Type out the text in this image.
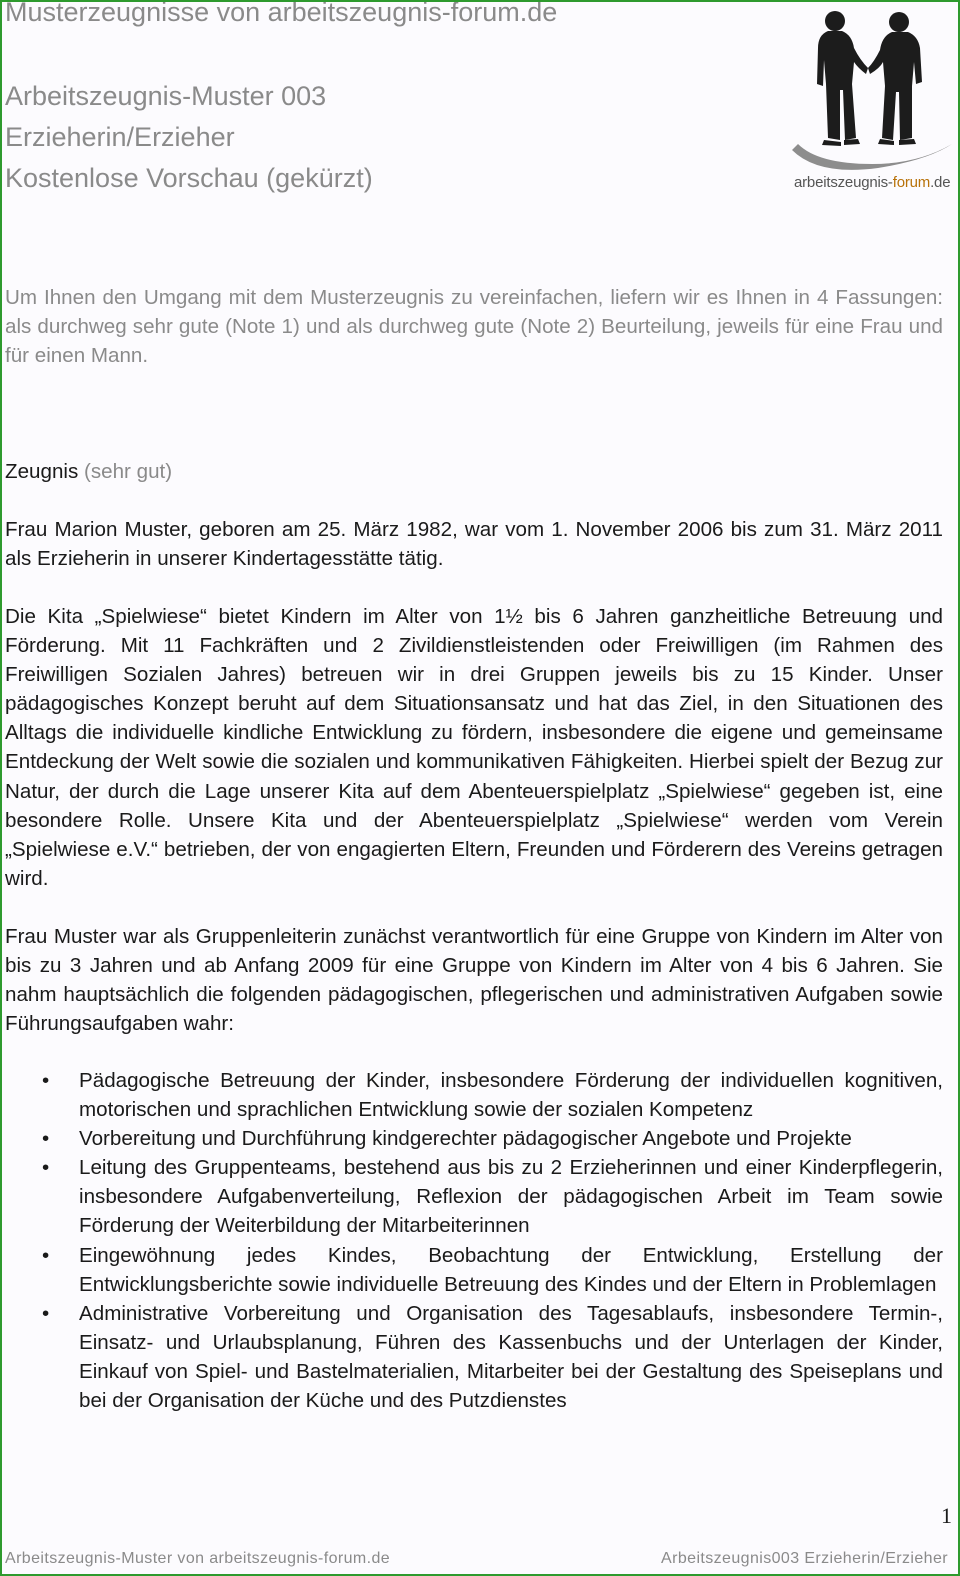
Musterzeugnisse von arbeitszeugnis-forum.de
Arbeitszeugnis-Muster 003
Erzieherin/Erzieher
Kostenlose Vorschau (gekürzt)	arbeitszeugnis-forum.de

Um Ihnen den Umgang mit dem Musterzeugnis zu vereinfachen, liefern wir es Ihnen in 4 Fassungen: als durchweg sehr gute (Note 1) und als durchweg gute (Note 2) Beurteilung, jeweils für eine Frau und für einen Mann.

Zeugnis (sehr gut)

Frau Marion Muster, geboren am 25. März 1982, war vom 1. November 2006 bis zum 31. März 2011 als Erzieherin in unserer Kindertagesstätte tätig.

Die Kita „Spielwiese“ bietet Kindern im Alter von 1½ bis 6 Jahren ganzheitliche Betreuung und Förderung. Mit 11 Fachkräften und 2 Zivildienstleistenden oder Freiwilligen (im Rahmen des Freiwilligen Sozialen Jahres) betreuen wir in drei Gruppen jeweils bis zu 15 Kinder. Unser pädagogisches Konzept beruht auf dem Situationsansatz und hat das Ziel, in den Situationen des Alltags die individuelle kindliche Entwicklung zu fördern, insbesondere die eigene und gemeinsame Entdeckung der Welt sowie die sozialen und kommunikativen Fähigkeiten. Hierbei spielt der Bezug zur Natur, der durch die Lage unserer Kita auf dem Abenteuerspielplatz „Spielwiese“ gegeben ist, eine besondere Rolle. Unsere Kita und der Abenteuerspielplatz „Spielwiese“ werden vom Verein „Spielwiese e.V.“ betrieben, der von engagierten Eltern, Freunden und Förderern des Vereins getragen wird.

Frau Muster war als Gruppenleiterin zunächst verantwortlich für eine Gruppe von Kindern im Alter von bis zu 3 Jahren und ab Anfang 2009 für eine Gruppe von Kindern im Alter von 4 bis 6 Jahren. Sie nahm hauptsächlich die folgenden pädagogischen, pflegerischen und administrativen Aufgaben sowie Führungsaufgaben wahr:

• Pädagogische Betreuung der Kinder, insbesondere Förderung der individuellen kognitiven, motorischen und sprachlichen Entwicklung sowie der sozialen Kompetenz
• Vorbereitung und Durchführung kindgerechter pädagogischer Angebote und Projekte
• Leitung des Gruppenteams, bestehend aus bis zu 2 Erzieherinnen und einer Kinderpflegerin, insbesondere Aufgabenverteilung, Reflexion der pädagogischen Arbeit im Team sowie Förderung der Weiterbildung der Mitarbeiterinnen
• Eingewöhnung jedes Kindes, Beobachtung der Entwicklung, Erstellung der Entwicklungsberichte sowie individuelle Betreuung des Kindes und der Eltern in Problemlagen
• Administrative Vorbereitung und Organisation des Tagesablaufs, insbesondere Termin-, Einsatz- und Urlaubsplanung, Führen des Kassenbuchs und der Unterlagen der Kinder, Einkauf von Spiel- und Bastelmaterialien, Mitarbeiter bei der Gestaltung des Speiseplans und bei der Organisation der Küche und des Putzdienstes
1
Arbeitszeugnis-Muster von arbeitszeugnis-forum.de	Arbeitszeugnis003 Erzieherin/Erzieher
